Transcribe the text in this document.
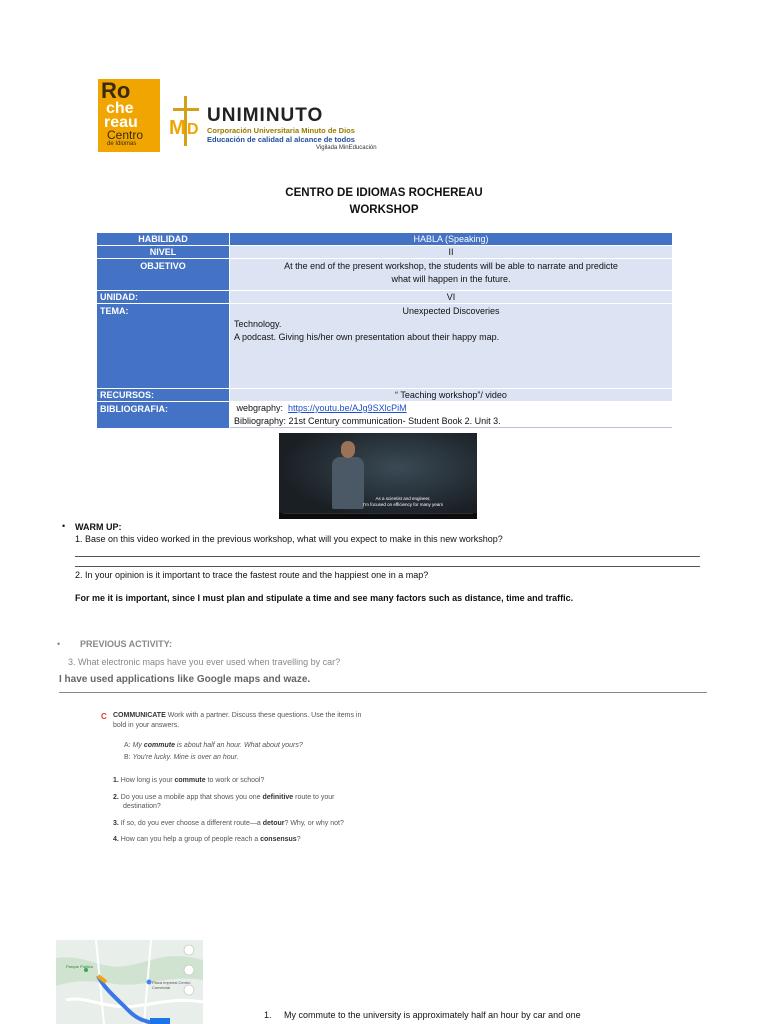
Ro
che
reau
Centro
de Idiomas
M D
UNIMINUTO
Corporación Universitaria Minuto de Dios
Educación de calidad al alcance de todos
Vigilada MinEducación
CENTRO DE IDIOMAS ROCHEREAU
WORKSHOP
HABILIDAD	HABLA (Speaking)
NIVEL	II
OBJETIVO	At the end of the present workshop, the students will be able to narrate and predicte
what will happen in the future.
UNIDAD:	VI
TEMA:	Unexpected Discoveries
Technology.
A podcast. Giving his/her own presentation about their happy map.
RECURSOS:	“ Teaching workshop”/ video
BIBLIOGRAFIA:	webgraphy:  https://youtu.be/AJg9SXlcPiM
Bibliography: 21st Century communication- Student Book 2. Unit 3.
As a scientist and engineer,
I'm focused on efficiency for many years
• WARM UP:
1. Base on this video worked in the previous workshop, what will you expect to make in this new workshop?
2. In your opinion is it important to trace the fastest route and the happiest one in a map?
For me it is important, since I must plan and stipulate a time and see many factors such as distance, time and traffic.
• PREVIOUS ACTIVITY:
3. What electronic maps have you ever used when travelling by car?
I have used applications like Google maps and waze.
C COMMUNICATE Work with a partner. Discuss these questions. Use the items in
bold in your answers.
A: My commute is about half an hour. What about yours?
B: You're lucky. Mine is over an hour.
1. How long is your commute to work or school?
2. Do you use a mobile app that shows you one definitive route to your
destination?
3. If so, do you ever choose a different route—a detour? Why, or why not?
4. How can you help a group of people reach a consensus?
Parque Público
Plaza Imperial Centro Comercial
1. My commute to the university is approximately half an hour by car and one
